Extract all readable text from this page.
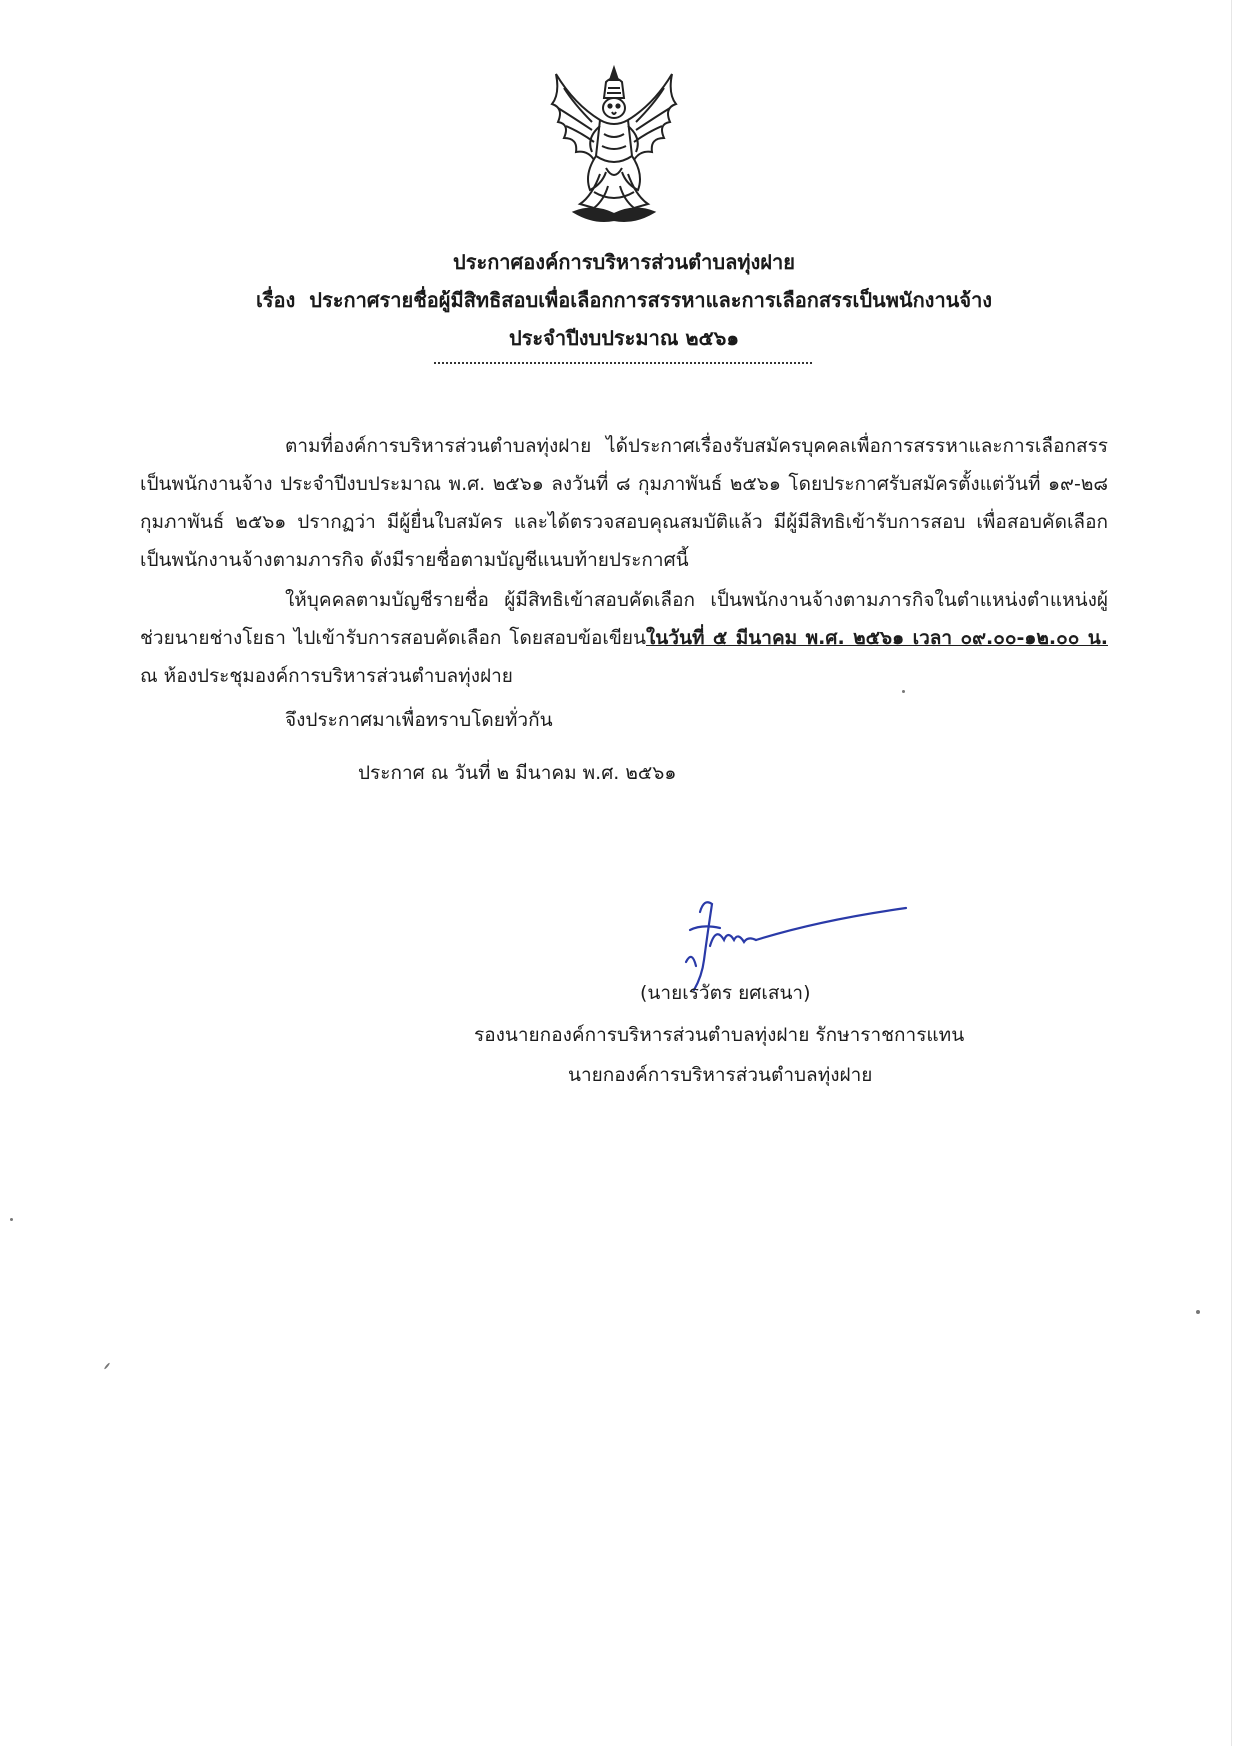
ประกาศองค์การบริหารส่วนตำบลทุ่งฝาย
เรื่อง ประกาศรายชื่อผู้มีสิทธิสอบเพื่อเลือกการสรรหาและการเลือกสรรเป็นพนักงานจ้าง
ประจำปีงบประมาณ ๒๕๖๑
ตามที่องค์การบริหารส่วนตำบลทุ่งฝาย ได้ประกาศเรื่องรับสมัครบุคคลเพื่อการสรรหาและการเลือกสรรเป็นพนักงานจ้าง ประจำปีงบประมาณ พ.ศ. ๒๕๖๑ ลงวันที่ ๘ กุมภาพันธ์ ๒๕๖๑ โดยประกาศรับสมัครตั้งแต่วันที่ ๑๙-๒๘ กุมภาพันธ์ ๒๕๖๑ ปรากฏว่า มีผู้ยื่นใบสมัคร และได้ตรวจสอบคุณสมบัติแล้ว มีผู้มีสิทธิเข้ารับการสอบ เพื่อสอบคัดเลือกเป็นพนักงานจ้างตามภารกิจ ดังมีรายชื่อตามบัญชีแนบท้ายประกาศนี้
ให้บุคคลตามบัญชีรายชื่อ ผู้มีสิทธิเข้าสอบคัดเลือก เป็นพนักงานจ้างตามภารกิจในตำแหน่งตำแหน่งผู้ช่วยนายช่างโยธา ไปเข้ารับการสอบคัดเลือก โดยสอบข้อเขียนในวันที่ ๕ มีนาคม พ.ศ. ๒๕๖๑ เวลา ๐๙.๐๐-๑๒.๐๐ น. ณ ห้องประชุมองค์การบริหารส่วนตำบลทุ่งฝาย
จึงประกาศมาเพื่อทราบโดยทั่วกัน
ประกาศ ณ วันที่ ๒ มีนาคม พ.ศ. ๒๕๖๑
(นายเรวัตร ยศเสนา)
รองนายกองค์การบริหารส่วนตำบลทุ่งฝาย รักษาราชการแทน
นายกองค์การบริหารส่วนตำบลทุ่งฝาย
